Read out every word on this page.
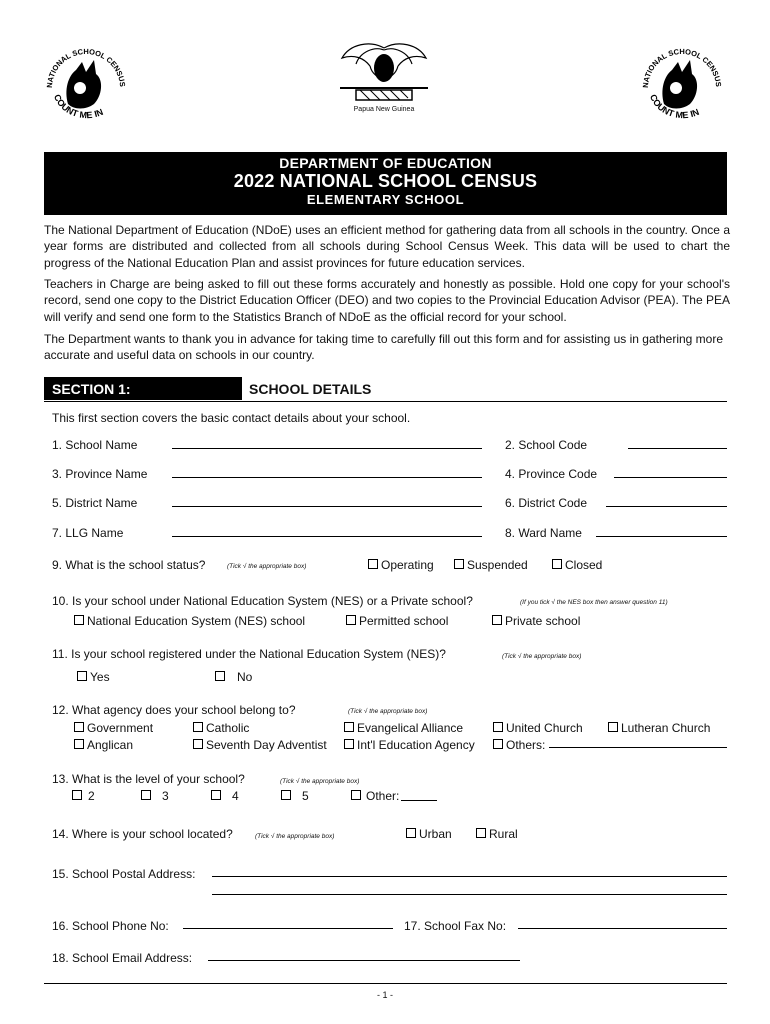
NATIONAL SCHOOL CENSUS
COUNT ME IN	Papua New Guinea
NATIONAL SCHOOL CENSUS
COUNT ME IN
DEPARTMENT OF EDUCATION
2022 NATIONAL SCHOOL CENSUS
ELEMENTARY SCHOOL
The National Department of Education (NDoE) uses an efficient method for gathering data from all schools in the country. Once a year forms are distributed and collected from all schools during School Census Week. This data will be used to chart the progress of the National Education Plan and assist provinces for future education services.
Teachers in Charge are being asked to fill out these forms accurately and honestly as possible. Hold one copy for your school's record, send one copy to the District Education Officer (DEO) and two copies to the Provincial Education Advisor (PEA). The PEA will verify and send one form to the Statistics Branch of NDoE as the official record for your school.
The Department wants to thank you in advance for taking time to carefully fill out this form and for assisting us in gathering more accurate and useful data on schools in our country.
SECTION 1:	SCHOOL DETAILS
This first section covers the basic contact details about your school.
1. School Name	2. School Code
3. Province Name	4. Province Code
5. District Name	6. District Code
7. LLG Name	8. Ward Name
9. What is the school status?	(Tick √ the appropriate box)	Operating	Suspended	Closed
10. Is your school under National Education System (NES) or a Private school?	(If you tick √ the NES box then answer question 11)
National Education System (NES) school	Permitted school	Private school
11. Is your school registered under the National Education System (NES)?	(Tick √ the appropriate box)
Yes	No
12. What agency does your school belong to?	(Tick √ the appropriate box)
Government	Catholic	Evangelical Alliance	United Church	Lutheran Church
Anglican	Seventh Day Adventist	Int'l Education Agency	Others:
13. What is the level of your school?	(Tick √ the appropriate box)
2	3	4	5	Other:
14. Where is your school located?	(Tick √ the appropriate box)	Urban	Rural
15. School Postal Address:
16. School Phone No:	17. School Fax No:
18. School Email Address:
- 1 -
